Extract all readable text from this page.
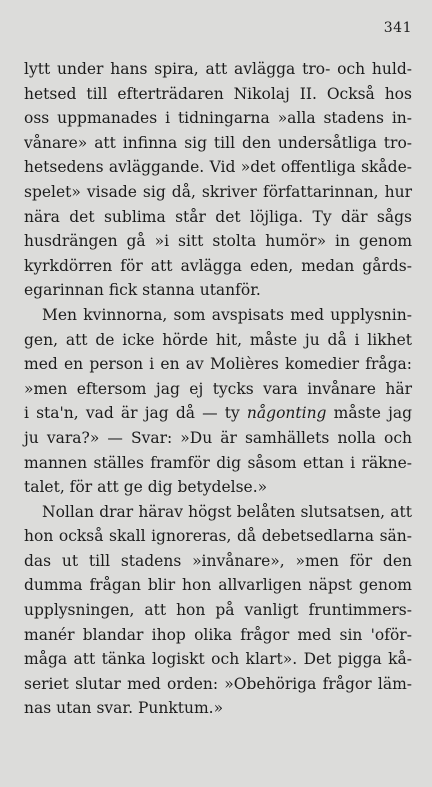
341
lytt under hans spira, att avlägga tro- och huld-
hetsed till efterträdaren Nikolaj II. Också hos
oss uppmanades i tidningarna »alla stadens in-
vånare» att infinna sig till den undersåtliga tro-
hetsedens avläggande. Vid »det offentliga skåde-
spelet» visade sig då, skriver författarinnan, hur
nära det sublima står det löjliga. Ty där sågs
husdrängen gå »i sitt stolta humör» in genom
kyrkdörren för att avlägga eden, medan gårds-
egarinnan fick stanna utanför.
Men kvinnorna, som avspisats med upplysnin-
gen, att de icke hörde hit, måste ju då i likhet
med en person i en av Molières komedier fråga:
»men eftersom jag ej tycks vara invånare här
i sta'n, vad är jag då — ty någonting måste jag
ju vara?» — Svar: »Du är samhällets nolla och
mannen ställes framför dig såsom ettan i räkne-
talet, för att ge dig betydelse.»
Nollan drar härav högst belåten slutsatsen, att
hon också skall ignoreras, då debetsedlarna sän-
das ut till stadens »invånare», »men för den
dumma frågan blir hon allvarligen näpst genom
upplysningen, att hon på vanligt fruntimmers-
manér blandar ihop olika frågor med sin 'oför-
måga att tänka logiskt och klart». Det pigga kå-
seriet slutar med orden: »Obehöriga frågor läm-
nas utan svar. Punktum.»
